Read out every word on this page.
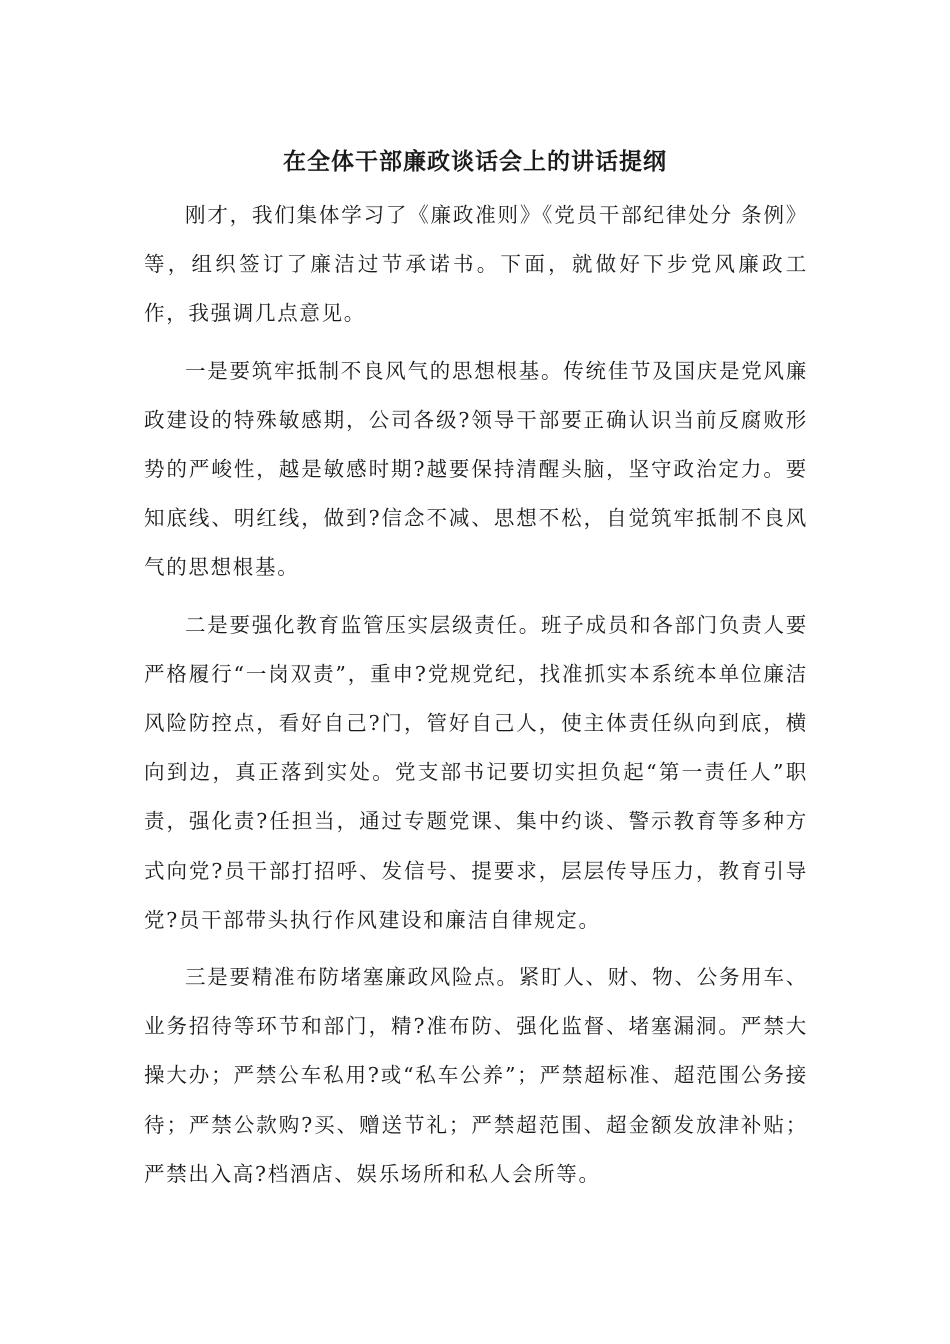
在全体干部廉政谈话会上的讲话提纲

刚才，我们集体学习了《廉政准则》《党员干部纪律处分 条例》等，组织签订了廉洁过节承诺书。下面，就做好下步党风廉政工作，我强调几点意见。

一是要筑牢抵制不良风气的思想根基。传统佳节及国庆是党风廉政建设的特殊敏感期，公司各级?领导干部要正确认识当前反腐败形势的严峻性，越是敏感时期?越要保持清醒头脑，坚守政治定力。要知底线、明红线，做到?信念不减、思想不松，自觉筑牢抵制不良风气的思想根基。

二是要强化教育监管压实层级责任。班子成员和各部门负责人要严格履行“一岗双责”，重申?党规党纪，找准抓实本系统本单位廉洁风险防控点，看好自己?门，管好自己人，使主体责任纵向到底，横向到边，真正落到实处。党支部书记要切实担负起“第一责任人”职责，强化责?任担当，通过专题党课、集中约谈、警示教育等多种方式向党?员干部打招呼、发信号、提要求，层层传导压力，教育引导党?员干部带头执行作风建设和廉洁自律规定。

三是要精准布防堵塞廉政风险点。紧盯人、财、物、公务用车、业务招待等环节和部门，精?准布防、强化监督、堵塞漏洞。严禁大操大办；严禁公车私用?或“私车公养”；严禁超标准、超范围公务接待；严禁公款购?买、赠送节礼；严禁超范围、超金额发放津补贴；严禁出入高?档酒店、娱乐场所和私人会所等。
